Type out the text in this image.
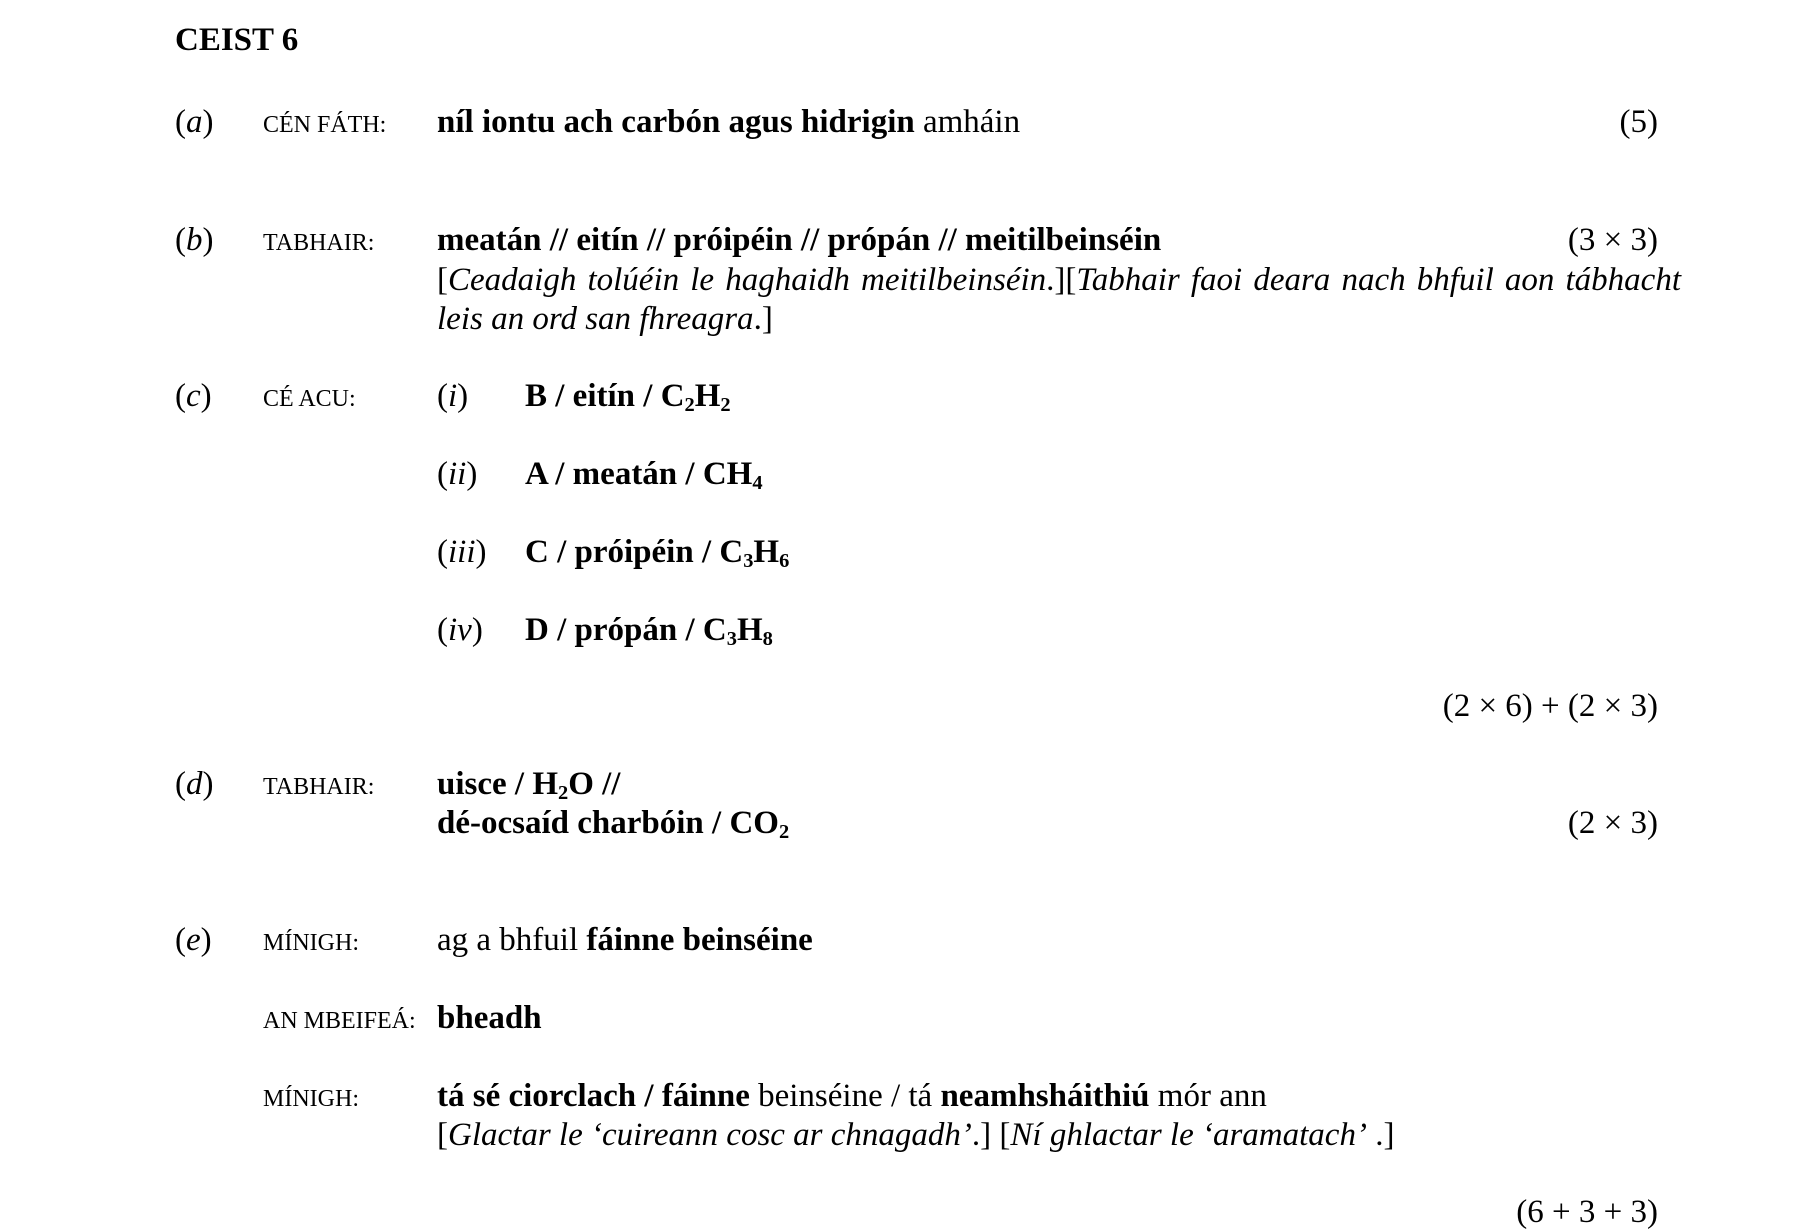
CEIST 6
(a) CÉN FÁTH: níl iontu ach carbón agus hidrigin amháin	(5)
(b) TABHAIR: meatán // eitín // próipéin // própán // meitilbeinséin	(3 × 3)
[Ceadaigh tolúéin le haghaidh meitilbeinséin.][Tabhair faoi deara nach bhfuil aon tábhacht leis an ord san fhreagra.]
(c) CÉ ACU: (i) B / eitín / $C_2H_2$
(ii) A / meatán / $CH_4$
(iii) C / próipéin / $C_3H_6$
(iv) D / própán / $C_3H_8$
(2 × 6) + (2 × 3)
(d) TABHAIR: uisce / $H_2O$ //
dé-ocsaíd charbóin / $CO_2$	(2 × 3)
(e) MÍNIGH: ag a bhfuil fáinne beinséine
AN MBEIFEÁ: bheadh
MÍNIGH: tá sé ciorclach / fáinne beinséine / tá neamhsháithiú mór ann
[Glactar le ‘cuireann cosc ar chnagadh’.] [Ní ghlactar le ‘aramatach’ .]
(6 + 3 + 3)
